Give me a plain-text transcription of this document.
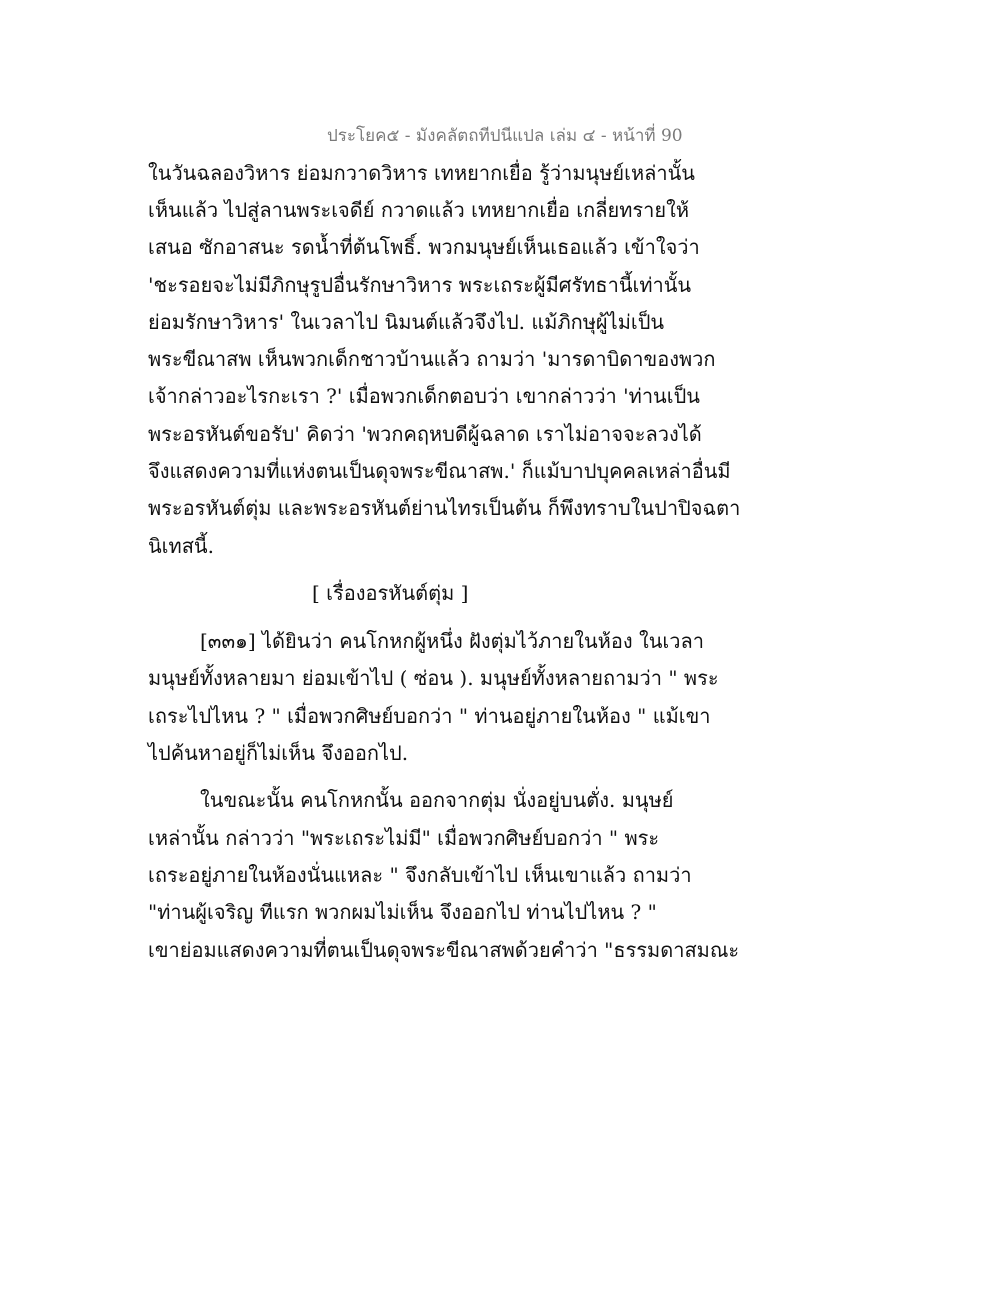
ประโยค๕ - มังคลัตถทีปนีแปล เล่ม ๔ - หน้าที่ 90
ในวันฉลองวิหาร ย่อมกวาดวิหาร เทหยากเยื่อ รู้ว่ามนุษย์เหล่านั้น
เห็นแล้ว ไปสู่ลานพระเจดีย์ กวาดแล้ว เทหยากเยื่อ เกลี่ยทรายให้
เสนอ ซักอาสนะ รดน้ำที่ต้นโพธิ์. พวกมนุษย์เห็นเธอแล้ว เข้าใจว่า
'ชะรอยจะไม่มีภิกษุรูปอื่นรักษาวิหาร พระเถระผู้มีศรัทธานี้เท่านั้น
ย่อมรักษาวิหาร' ในเวลาไป นิมนต์แล้วจึงไป. แม้ภิกษุผู้ไม่เป็น
พระขีณาสพ เห็นพวกเด็กชาวบ้านแล้ว ถามว่า 'มารดาบิดาของพวก
เจ้ากล่าวอะไรกะเรา ?' เมื่อพวกเด็กตอบว่า เขากล่าวว่า 'ท่านเป็น
พระอรหันต์ขอรับ' คิดว่า 'พวกคฤหบดีผู้ฉลาด เราไม่อาจจะลวงได้
จึงแสดงความที่แห่งตนเป็นดุจพระขีณาสพ.' ก็แม้บาปบุคคลเหล่าอื่นมี
พระอรหันต์ตุ่ม และพระอรหันต์ย่านไทรเป็นต้น ก็พึงทราบในปาปิจฉตา
นิเทสนี้.
[ เรื่องอรหันต์ตุ่ม ]
[๓๓๑] ได้ยินว่า คนโกหกผู้หนึ่ง ฝังตุ่มไว้ภายในห้อง ในเวลา
มนุษย์ทั้งหลายมา ย่อมเข้าไป ( ซ่อน ). มนุษย์ทั้งหลายถามว่า " พระ
เถระไปไหน ? " เมื่อพวกศิษย์บอกว่า " ท่านอยู่ภายในห้อง " แม้เขา
ไปค้นหาอยู่ก็ไม่เห็น จึงออกไป.
ในขณะนั้น คนโกหกนั้น ออกจากตุ่ม นั่งอยู่บนตั่ง. มนุษย์
เหล่านั้น กล่าวว่า "พระเถระไม่มี" เมื่อพวกศิษย์บอกว่า " พระ
เถระอยู่ภายในห้องนั่นแหละ " จึงกลับเข้าไป เห็นเขาแล้ว ถามว่า
"ท่านผู้เจริญ ทีแรก พวกผมไม่เห็น จึงออกไป ท่านไปไหน ? "
เขาย่อมแสดงความที่ตนเป็นดุจพระขีณาสพด้วยคำว่า "ธรรมดาสมณะ
